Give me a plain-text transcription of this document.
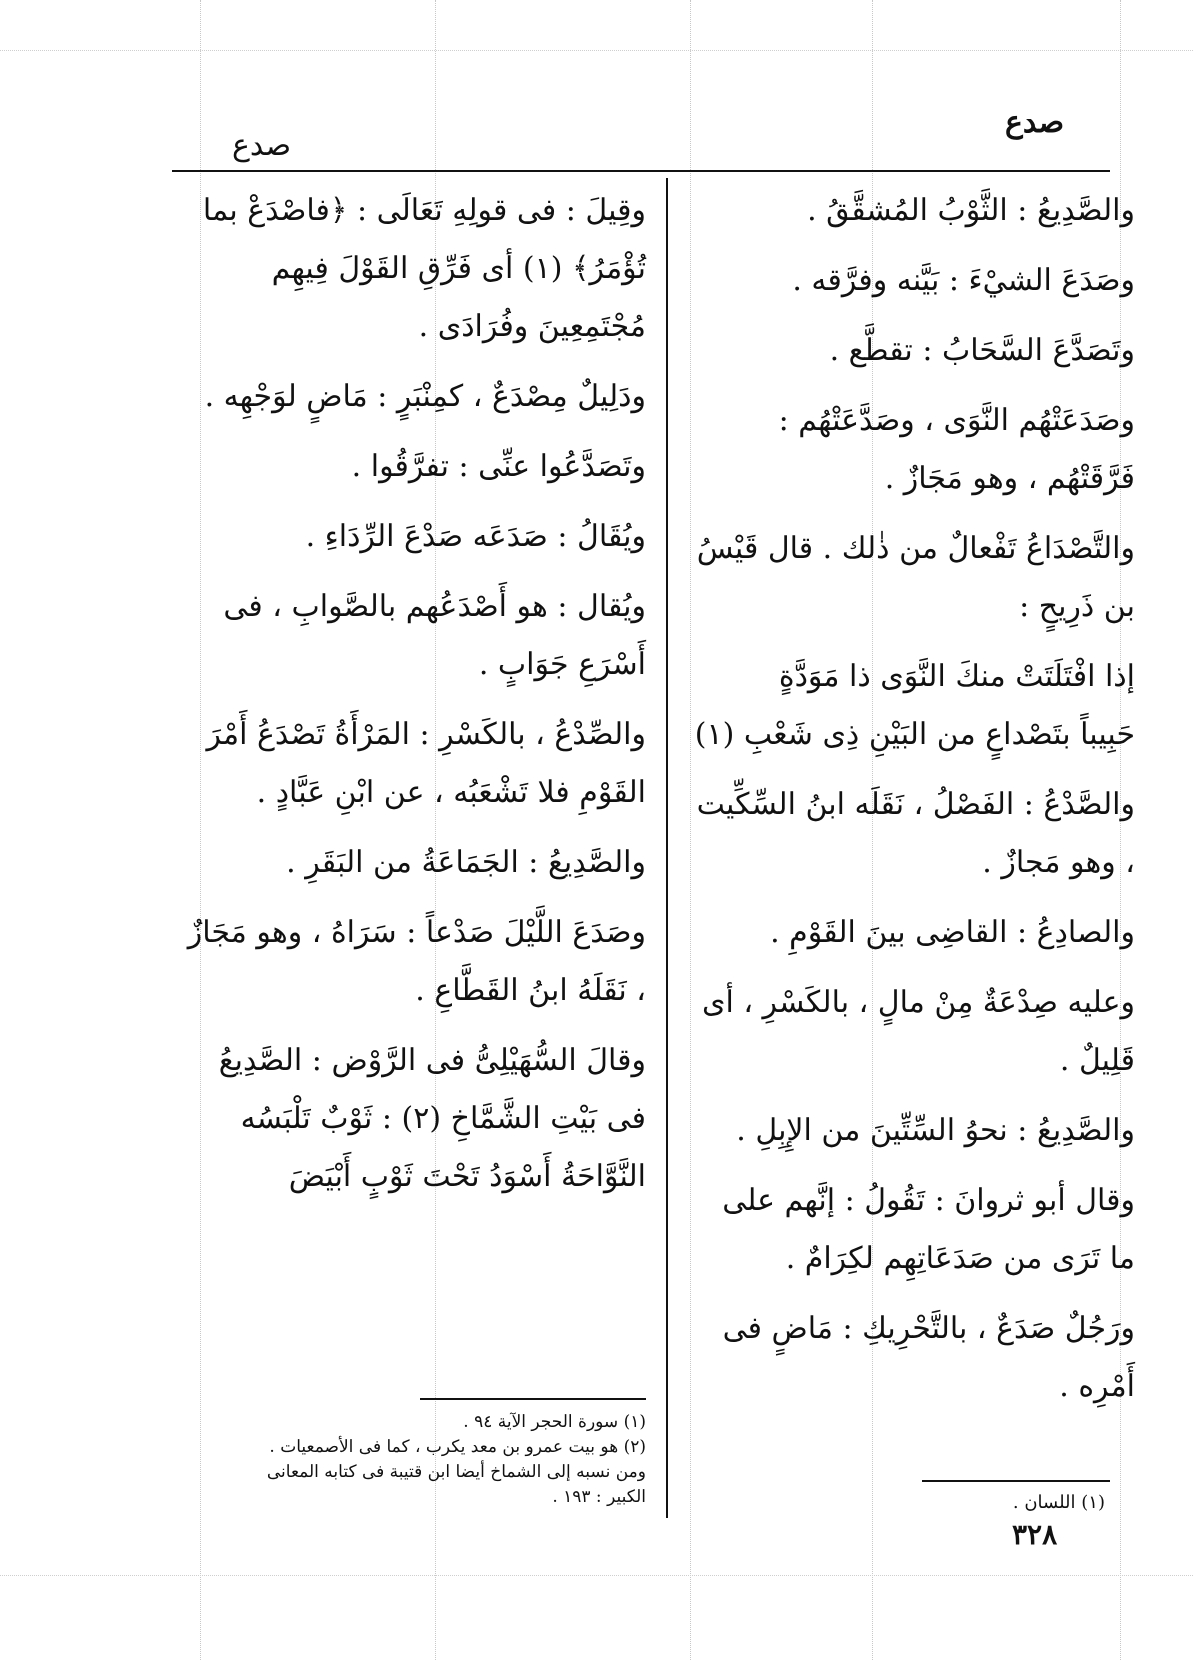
صدع
صدع

والصَّدِيعُ : الثَّوْبُ المُشقَّقُ .

وصَدَعَ الشيْءَ : بَيَّنه وفرَّقه .

وتَصَدَّعَ السَّحَابُ : تقطَّع .

وصَدَعَتْهُم النَّوَى ، وصَدَّعَتْهُم : فَرَّقَتْهُم ، وهو مَجَازٌ .

والتَّصْدَاعُ تَفْعالٌ من ذٰلك . قال قَيْسُ بن ذَرِيحٍ :

إذا افْتَلَتَتْ منكَ النَّوَى ذا مَوَدَّةٍ

حَبِيباً بتَصْداعٍ من البَيْنِ ذِى شَعْبِ (١)

والصَّدْعُ : الفَصْلُ ، نَقَلَه ابنُ السِّكِّيت ، وهو مَجازٌ .

والصادِعُ : القاضِى بينَ القَوْمِ .

وعليه صِدْعَةٌ مِنْ مالٍ ، بالكَسْرِ ، أى قَلِيلٌ .

والصَّدِيعُ : نحوُ السِّتِّينَ من الإِبِلِ .

وقال أبو ثروانَ : تَقُولُ : إنَّهم على ما تَرَى من صَدَعَاتِهِم لكِرَامٌ .

ورَجُلٌ صَدَعٌ ، بالتَّحْرِيكِ : مَاضٍ فى أَمْرِه .

وقِيلَ : فى قولِهِ تَعَالَى : ﴿فاصْدَعْ بما تُؤْمَرُ﴾ (١) أى فَرِّقِ القَوْلَ فِيهِم مُجْتَمِعِينَ وفُرَادَى .

ودَلِيلٌ مِصْدَعٌ ، كمِنْبَرٍ : مَاضٍ لوَجْهِه .

وتَصَدَّعُوا عنِّى : تفرَّقُوا .

ويُقَالُ : صَدَعَه صَدْعَ الرِّدَاءِ .

ويُقال : هو أَصْدَعُهم بالصَّوابِ ، فى أَسْرَعِ جَوَابٍ .

والصِّدْعُ ، بالكَسْرِ : المَرْأَةُ تَصْدَعُ أَمْرَ القَوْمِ فلا تَشْعَبُه ، عن ابْنِ عَبَّادٍ .

والصَّدِيعُ : الجَمَاعَةُ من البَقَرِ .

وصَدَعَ اللَّيْلَ صَدْعاً : سَرَاهُ ، وهو مَجَازٌ ، نَقَلَهُ ابنُ القَطَّاعِ .

وقالَ السُّهَيْلِىُّ فى الرَّوْض : الصَّدِيعُ فى بَيْتِ الشَّمَّاخِ (٢) : ثَوْبٌ تَلْبَسُه النَّوَّاحَةُ أَسْوَدُ تَحْتَ ثَوْبٍ أَبْيَضَ

(١) سورة الحجر الآية ٩٤ .
(٢) هو بيت عمرو بن معد يكرب ، كما فى الأصمعيات .
ومن نسبه إلى الشماخ أيضا ابن قتيبة فى كتابه المعانى
الكبير : ١٩٣ .	(١) اللسان .
٣٢٨
